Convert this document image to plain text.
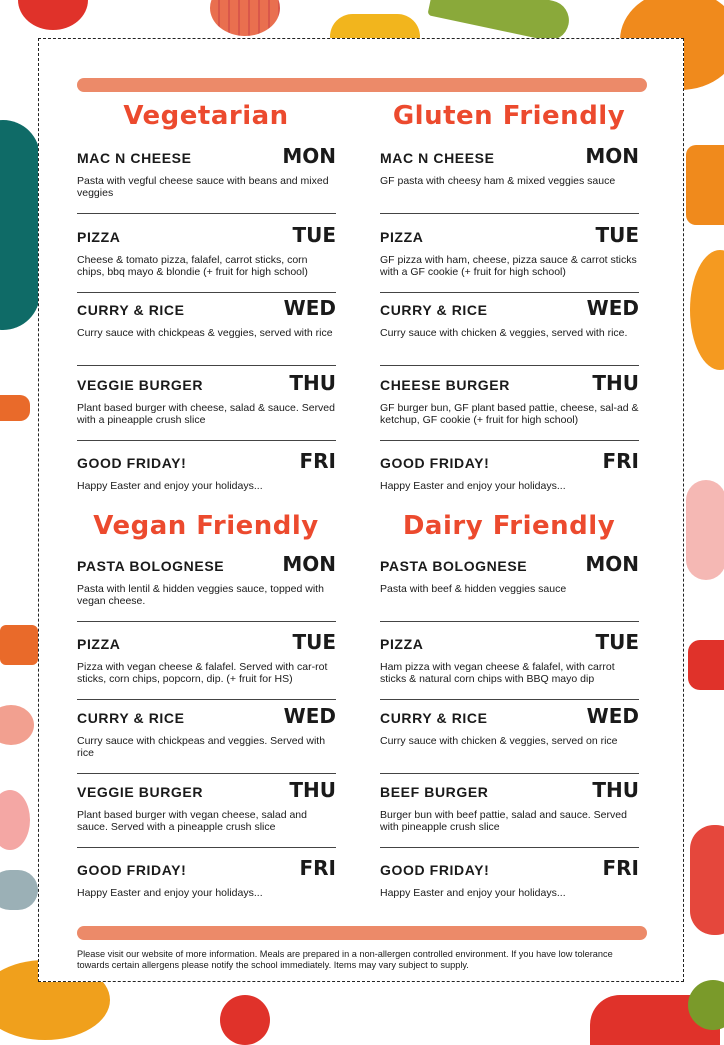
Vegetarian
MAC N CHEESE	MON
Pasta with vegful cheese sauce with beans and mixed veggies
PIZZA	TUE
Cheese & tomato pizza, falafel, carrot sticks, corn chips, bbq mayo & blondie (+ fruit for high school)
CURRY & RICE	WED
Curry sauce with chickpeas & veggies, served with rice
VEGGIE BURGER	THU
Plant based burger with cheese, salad & sauce. Served with a pineapple crush slice
GOOD FRIDAY!	FRI
Happy Easter and enjoy your holidays...
Gluten Friendly
MAC N CHEESE	MON
GF pasta with cheesy ham & mixed veggies sauce
PIZZA	TUE
GF pizza with ham, cheese, pizza sauce & carrot sticks with a GF cookie (+ fruit for high school)
CURRY & RICE	WED
Curry sauce with chicken & veggies, served with rice.
CHEESE BURGER	THU
GF burger bun, GF plant based pattie, cheese, sal-ad & ketchup, GF cookie (+ fruit for high school)
GOOD FRIDAY!	FRI
Happy Easter and enjoy your holidays...
Vegan Friendly
PASTA BOLOGNESE	MON
Pasta with lentil & hidden veggies sauce, topped with vegan cheese.
PIZZA	TUE
Pizza with vegan cheese & falafel. Served with car-rot sticks, corn chips, popcorn, dip. (+ fruit for HS)
CURRY & RICE	WED
Curry sauce with chickpeas and veggies. Served with rice
VEGGIE BURGER	THU
Plant based burger with vegan cheese, salad and sauce. Served with a pineapple crush slice
GOOD FRIDAY!	FRI
Happy Easter and enjoy your holidays...
Dairy Friendly
PASTA BOLOGNESE	MON
Pasta with beef & hidden veggies sauce
PIZZA	TUE
Ham pizza with vegan cheese & falafel, with carrot sticks & natural corn chips with BBQ mayo dip
CURRY & RICE	WED
Curry sauce with chicken & veggies, served on rice
BEEF BURGER	THU
Burger bun with beef pattie, salad and sauce. Served with pineapple crush slice
GOOD FRIDAY!	FRI
Happy Easter and enjoy your holidays...
Please visit our website of more information. Meals are prepared in a non-allergen controlled environment. If you have low tolerance towards certain allergens please notify the school immediately. Items may vary subject to supply.
